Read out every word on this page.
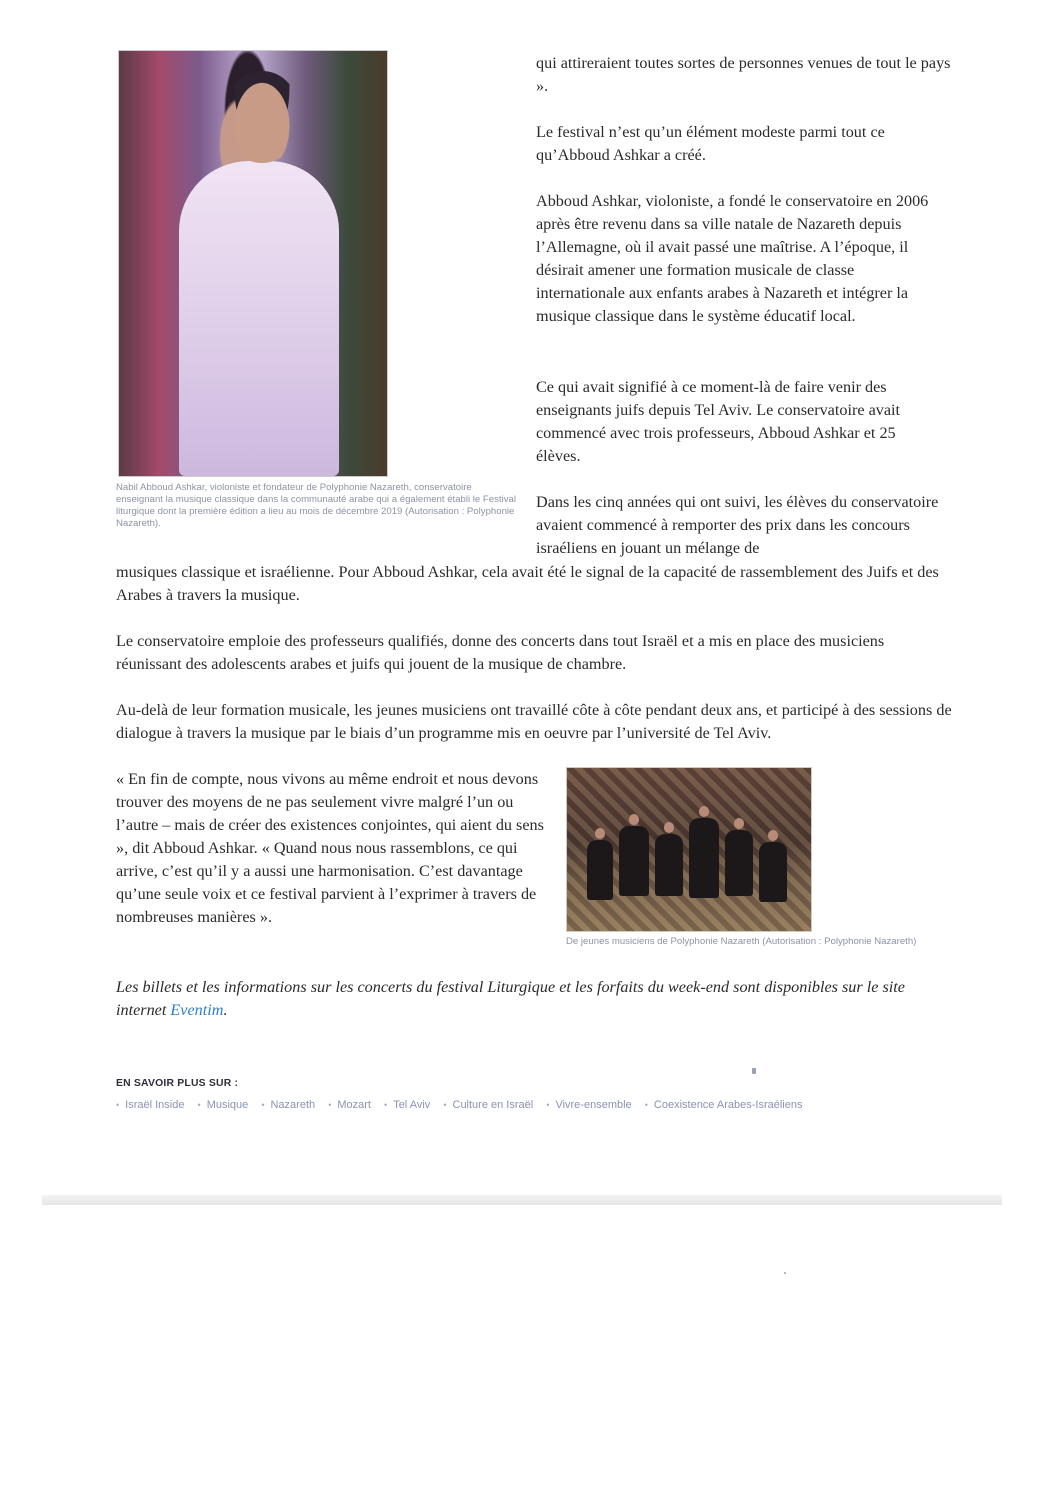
Nabil Abboud Ashkar, violoniste et fondateur de Polyphonie Nazareth, conservatoire enseignant la musique classique dans la communauté arabe qui a également établi le Festival liturgique dont la première édition a lieu au mois de décembre 2019 (Autorisation : Polyphonie Nazareth).

qui attireraient toutes sortes de personnes venues de tout le pays ».

Le festival n’est qu’un élément modeste parmi tout ce qu’Abboud Ashkar a créé.

Abboud Ashkar, violoniste, a fondé le conservatoire en 2006 après être revenu dans sa ville natale de Nazareth depuis l’Allemagne, où il avait passé une maîtrise. A l’époque, il désirait amener une formation musicale de classe internationale aux enfants arabes à Nazareth et intégrer la musique classique dans le système éducatif local.

Ce qui avait signifié à ce moment-là de faire venir des enseignants juifs depuis Tel Aviv. Le conservatoire avait commencé avec trois professeurs, Abboud Ashkar et 25 élèves.

Dans les cinq années qui ont suivi, les élèves du conservatoire avaient commencé à remporter des prix dans les concours israéliens en jouant un mélange de

musiques classique et israélienne. Pour Abboud Ashkar, cela avait été le signal de la capacité de rassemblement des Juifs et des Arabes à travers la musique.

Le conservatoire emploie des professeurs qualifiés, donne des concerts dans tout Israël et a mis en place des musiciens réunissant des adolescents arabes et juifs qui jouent de la musique de chambre.

Au-delà de leur formation musicale, les jeunes musiciens ont travaillé côte à côte pendant deux ans, et participé à des sessions de dialogue à travers la musique par le biais d’un programme mis en oeuvre par l’université de Tel Aviv.

« En fin de compte, nous vivons au même endroit et nous devons trouver des moyens de ne pas seulement vivre malgré l’un ou l’autre – mais de créer des existences conjointes, qui aient du sens », dit Abboud Ashkar. « Quand nous nous rassemblons, ce qui arrive, c’est qu’il y a aussi une harmonisation. C’est davantage qu’une seule voix et ce festival parvient à l’exprimer à travers de nombreuses manières ».

De jeunes musiciens de Polyphonie Nazareth (Autorisation : Polyphonie Nazareth)

Les billets et les informations sur les concerts du festival Liturgique et les forfaits du week-end sont disponibles sur le site internet Eventim.

EN SAVOIR PLUS SUR :

• Israël Inside • Musique • Nazareth • Mozart • Tel Aviv • Culture en Israël • Vivre-ensemble • Coexistence Arabes-Israéliens
